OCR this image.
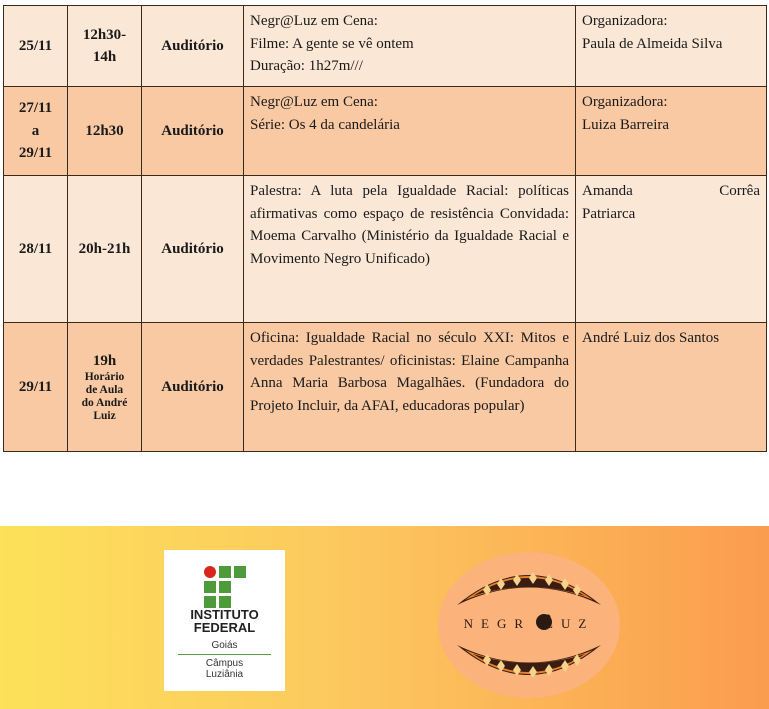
25/11	12h30-
14h	Auditório	Negr@Luz em Cena:
Filme: A gente se vê ontem
Duração: 1h27m///	Organizadora:
Paula de Almeida Silva

27/11
a
29/11	12h30	Auditório	Negr@Luz em Cena:
Série: Os 4 da candelária	Organizadora:
Luiza Barreira

28/11	20h-21h	Auditório	Palestra: A luta pela Igualdade Racial: políticas afirmativas como espaço de resistência Convidada: Moema Carvalho (Ministério da Igualdade Racial e Movimento Negro Unificado)	Amanda Corrêa
Patriarca

29/11	19h
Horário
de Aula
do André
Luiz	Auditório	Oficina: Igualdade Racial no século XXI: Mitos e verdades Palestrantes/ oficinistas: Elaine Campanha Anna Maria Barbosa Magalhães. (Fundadora do Projeto Incluir, da AFAI, educadoras popular)	André Luiz dos Santos
INSTITUTO
FEDERAL
Goiás
Câmpus
Luziânia
NEGR LUZ
